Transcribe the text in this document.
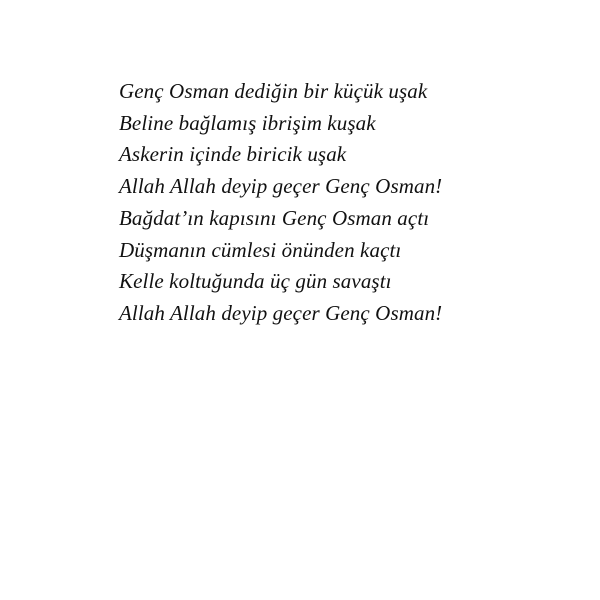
Genç Osman dediğin bir küçük uşak
Beline bağlamış ibrişim kuşak
Askerin içinde biricik uşak
Allah Allah deyip geçer Genç Osman!
Bağdat’ın kapısını Genç Osman açtı
Düşmanın cümlesi önünden kaçtı
Kelle koltuğunda üç gün savaştı
Allah Allah deyip geçer Genç Osman!
